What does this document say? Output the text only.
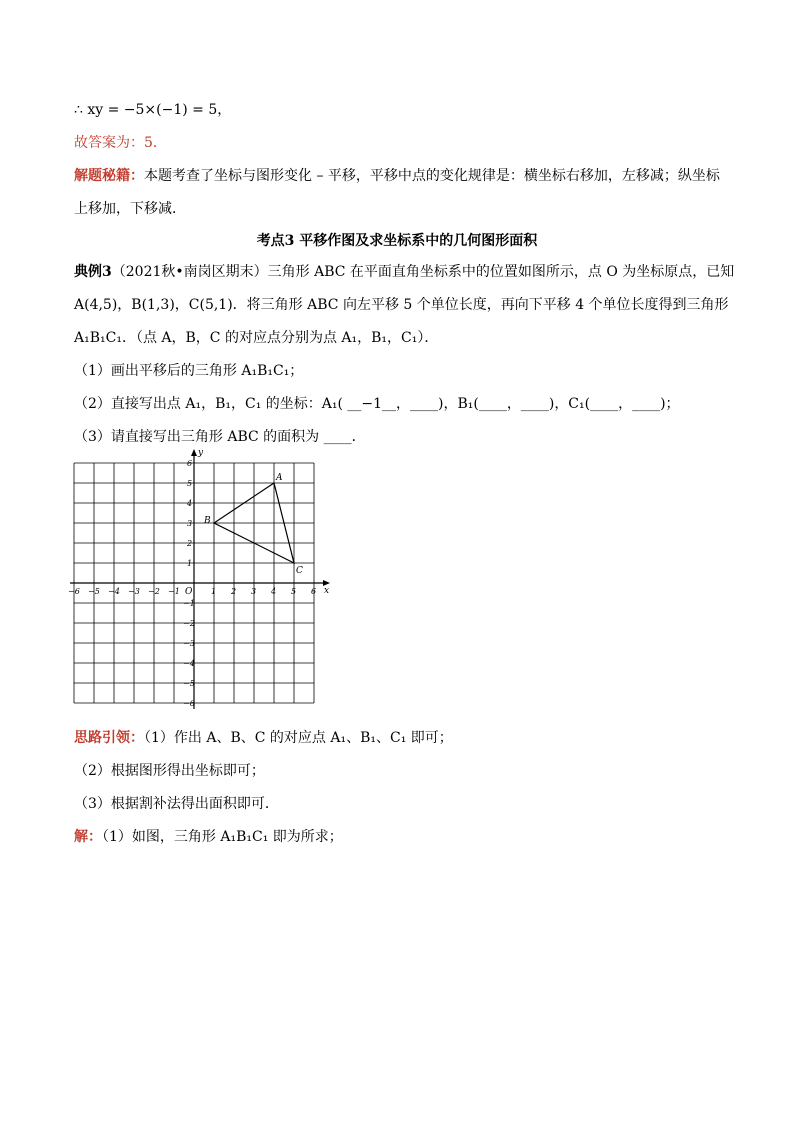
∴ xy = −5×(−1) = 5，
故答案为：5．
解题秘籍：本题考查了坐标与图形变化 – 平移，平移中点的变化规律是：横坐标右移加，左移减；纵坐标
上移加，下移减．
考点3 平移作图及求坐标系中的几何图形面积
典例3（2021秋•南岗区期末）三角形 ABC 在平面直角坐标系中的位置如图所示，点 O 为坐标原点，已知
A(4,5)，B(1,3)，C(5,1)．将三角形 ABC 向左平移 5 个单位长度，再向下平移 4 个单位长度得到三角形
A₁B₁C₁．（点 A，B，C 的对应点分别为点 A₁，B₁，C₁）．
（1）画出平移后的三角形 A₁B₁C₁；
（2）直接写出点 A₁，B₁，C₁ 的坐标：A₁( __−1__，____)，B₁(____，____)，C₁(____，____)；
（3）请直接写出三角形 ABC 的面积为 ____．
x
y
O
−6 −5 −4 −3 −2 −1	1 2 3 4 5 6
6
5
4
3
2
1
−1
−2
−3
−4
−5
−6
A
B
C
思路引领：（1）作出 A、B、C 的对应点 A₁、B₁、C₁ 即可；
（2）根据图形得出坐标即可；
（3）根据割补法得出面积即可．
解：（1）如图，三角形 A₁B₁C₁ 即为所求；
